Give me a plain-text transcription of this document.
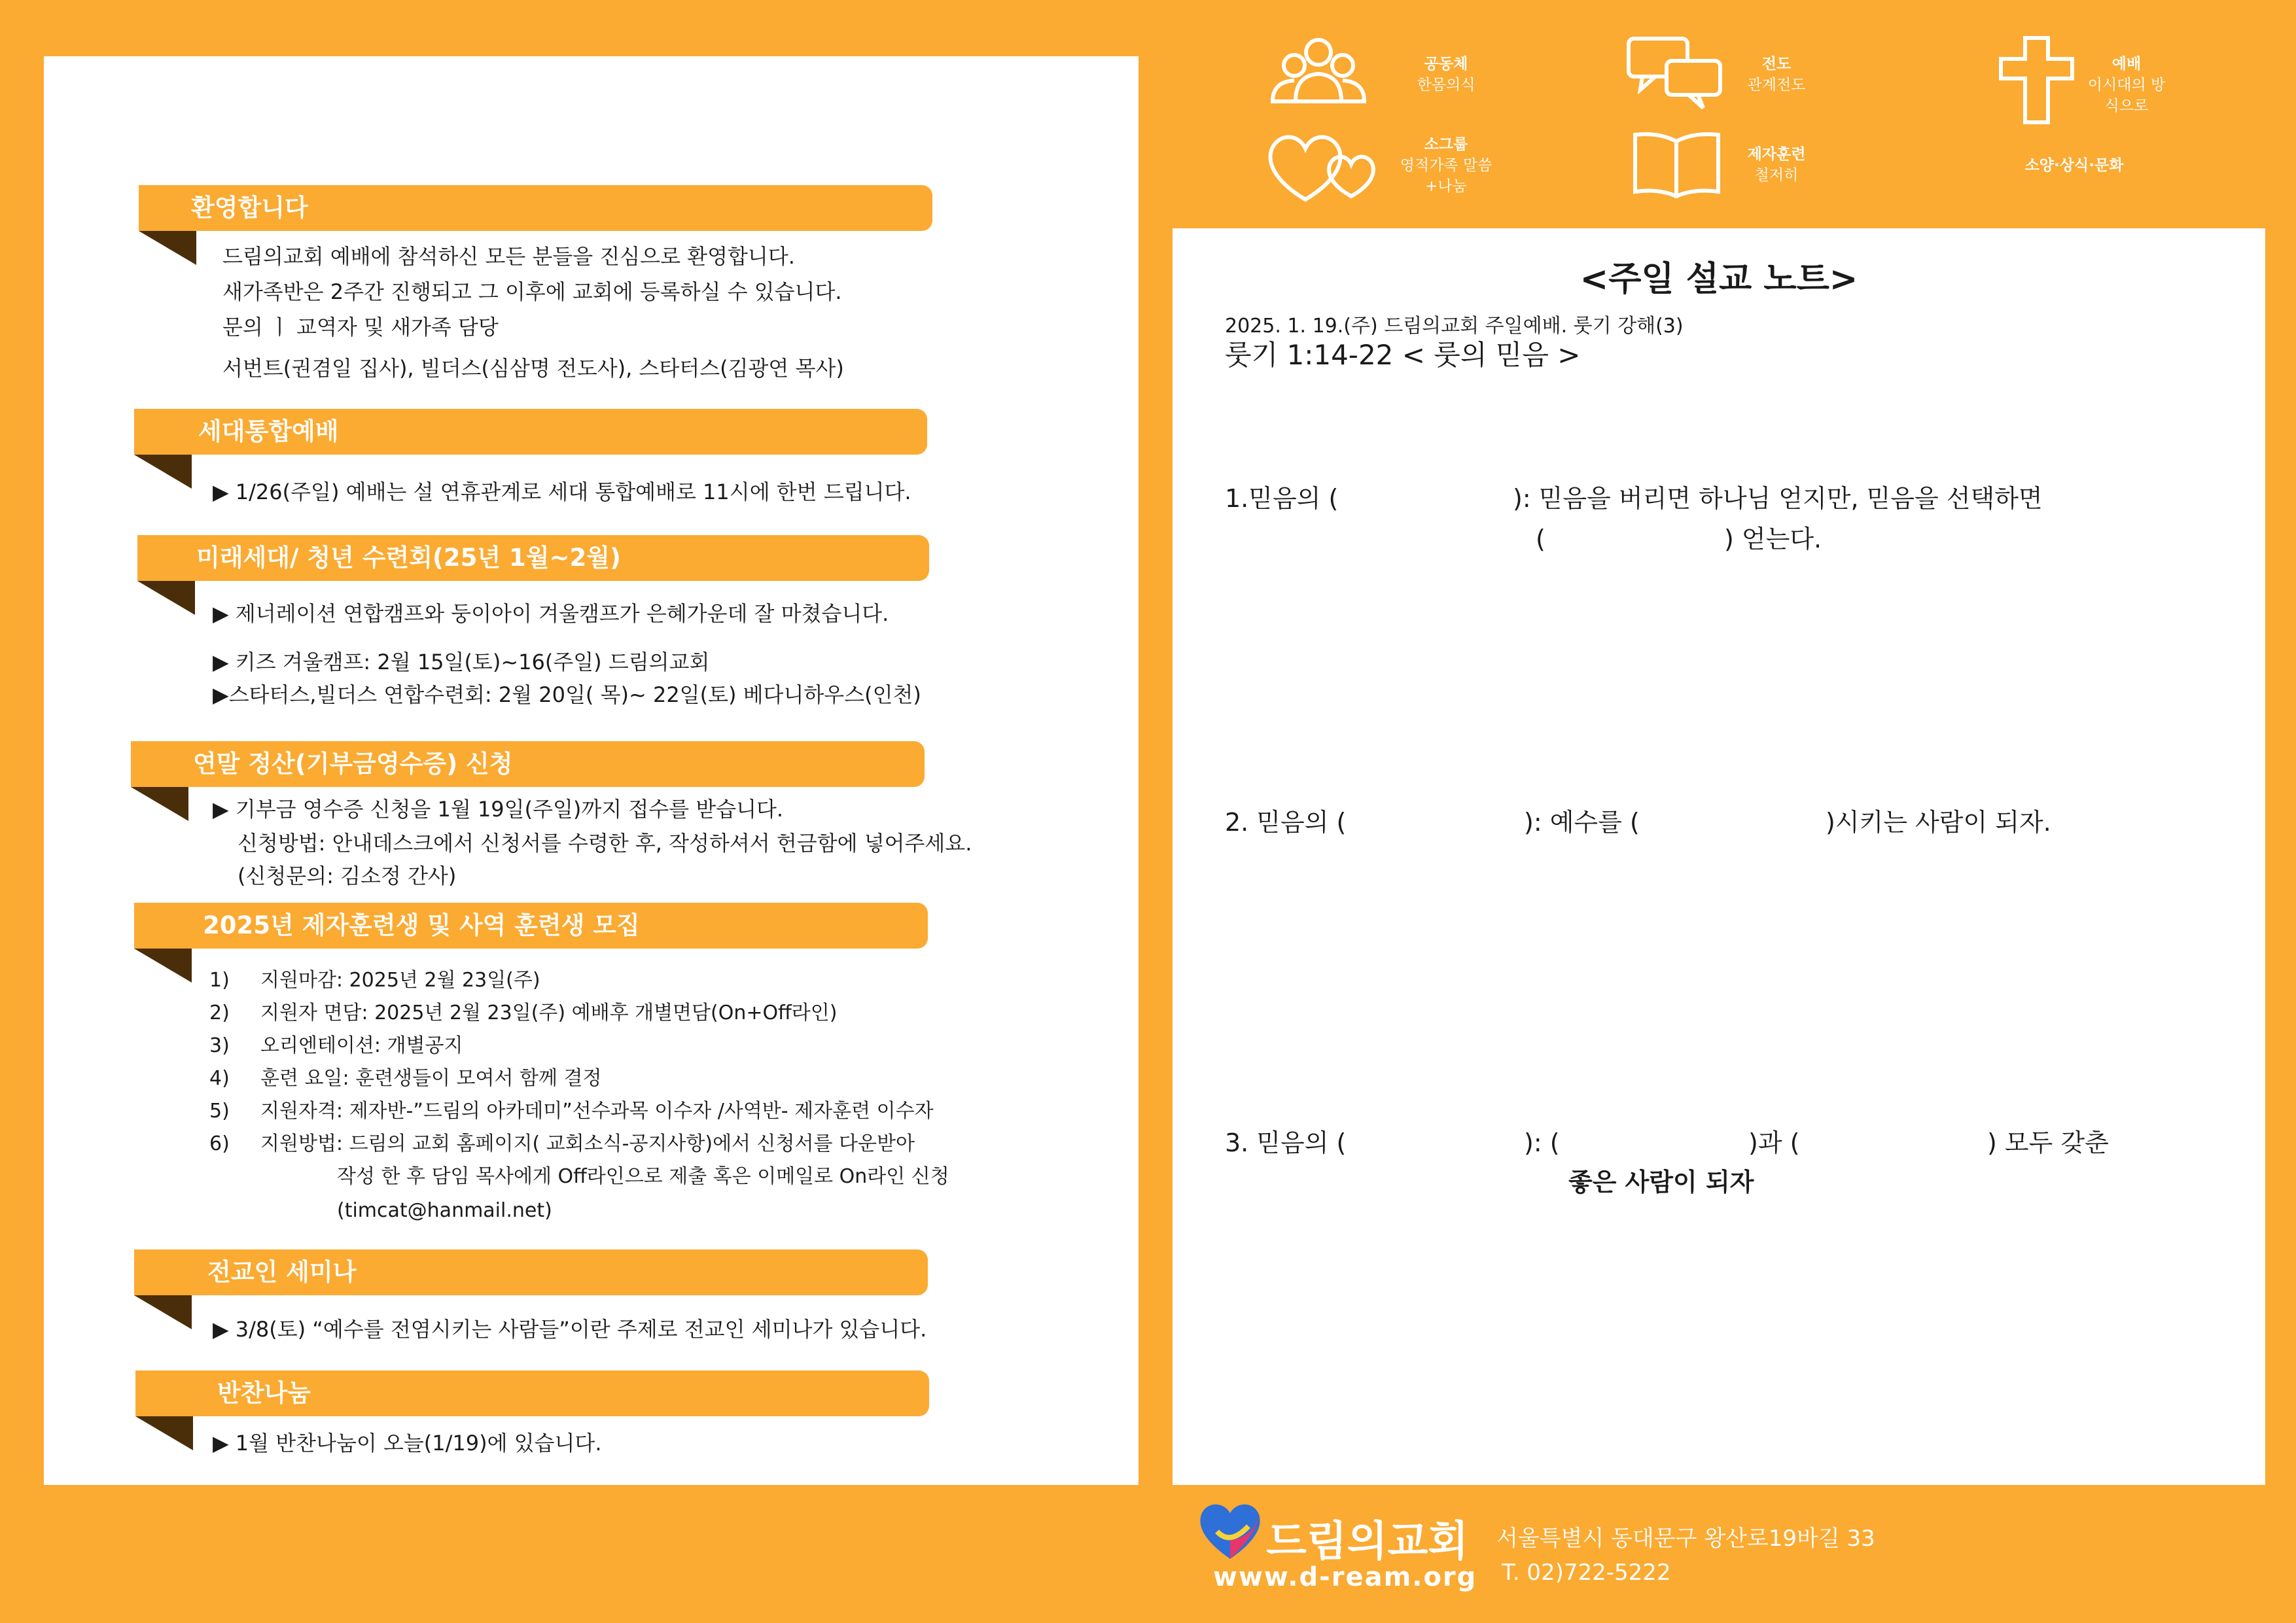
공동체
한몸의식
전도
관계전도
예배
이시대의 방식으로
소그룹
영적가족 말씀+나눔
제자훈련
철저히
소양·상식·문화
환영합니다
드림의교회 예배에 참석하신 모든 분들을 진심으로 환영합니다.
새가족반은 2주간 진행되고 그 이후에 교회에 등록하실 수 있습니다.
문의 ㅣ 교역자 및 새가족 담당
서번트(권겸일 집사), 빌더스(심삼명 전도사), 스타터스(김광연 목사)
세대통합예배
▶ 1/26(주일) 예배는 설 연휴관계로 세대 통합예배로 11시에 한번 드립니다.
미래세대/ 청년 수련회(25년 1월~2월)
▶ 제너레이션 연합캠프와 둥이아이 겨울캠프가 은혜가운데 잘 마쳤습니다.
▶ 키즈 겨울캠프: 2월 15일(토)~16(주일) 드림의교회
▶스타터스,빌더스 연합수련회: 2월 20일( 목)~ 22일(토) 베다니하우스(인천)
연말 정산(기부금영수증) 신청
▶ 기부금 영수증 신청을 1월 19일(주일)까지 접수를 받습니다.
신청방법: 안내데스크에서 신청서를 수령한 후, 작성하셔서 헌금함에 넣어주세요.
(신청문의: 김소정 간사)
2025년 제자훈련생 및 사역 훈련생 모집
1) 지원마감: 2025년 2월 23일(주)
2) 지원자 면담: 2025년 2월 23일(주) 예배후 개별면담(On+Off라인)
3) 오리엔테이션: 개별공지
4) 훈련 요일: 훈련생들이 모여서 함께 결정
5) 지원자격: 제자반-”드림의 아카데미”선수과목 이수자 /사역반- 제자훈련 이수자
6) 지원방법: 드림의 교회 홈페이지( 교회소식-공지사항)에서 신청서를 다운받아
작성 한 후 담임 목사에게 Off라인으로 제출 혹은 이메일로 On라인 신청
(timcat@hanmail.net)
전교인 세미나
▶ 3/8(토) “예수를 전염시키는 사람들”이란 주제로 전교인 세미나가 있습니다.
반찬나눔
▶ 1월 반찬나눔이 오늘(1/19)에 있습니다.
<주일 설교 노트>
2025. 1. 19.(주) 드림의교회 주일예배. 룻기 강해(3)
룻기 1:14-22 < 룻의 믿음 >
1.믿음의 (	): 믿음을 버리면 하나님 얻지만, 믿음을 선택하면
(	) 얻는다.
2. 믿음의 (	): 예수를 (	)시키는 사람이 되자.
3. 믿음의 (	): (	)과 (	) 모두 갖춘
좋은 사람이 되자
드림의교회
www.d-ream.org
서울특별시 동대문구 왕산로19바길 33
T. 02)722-5222
